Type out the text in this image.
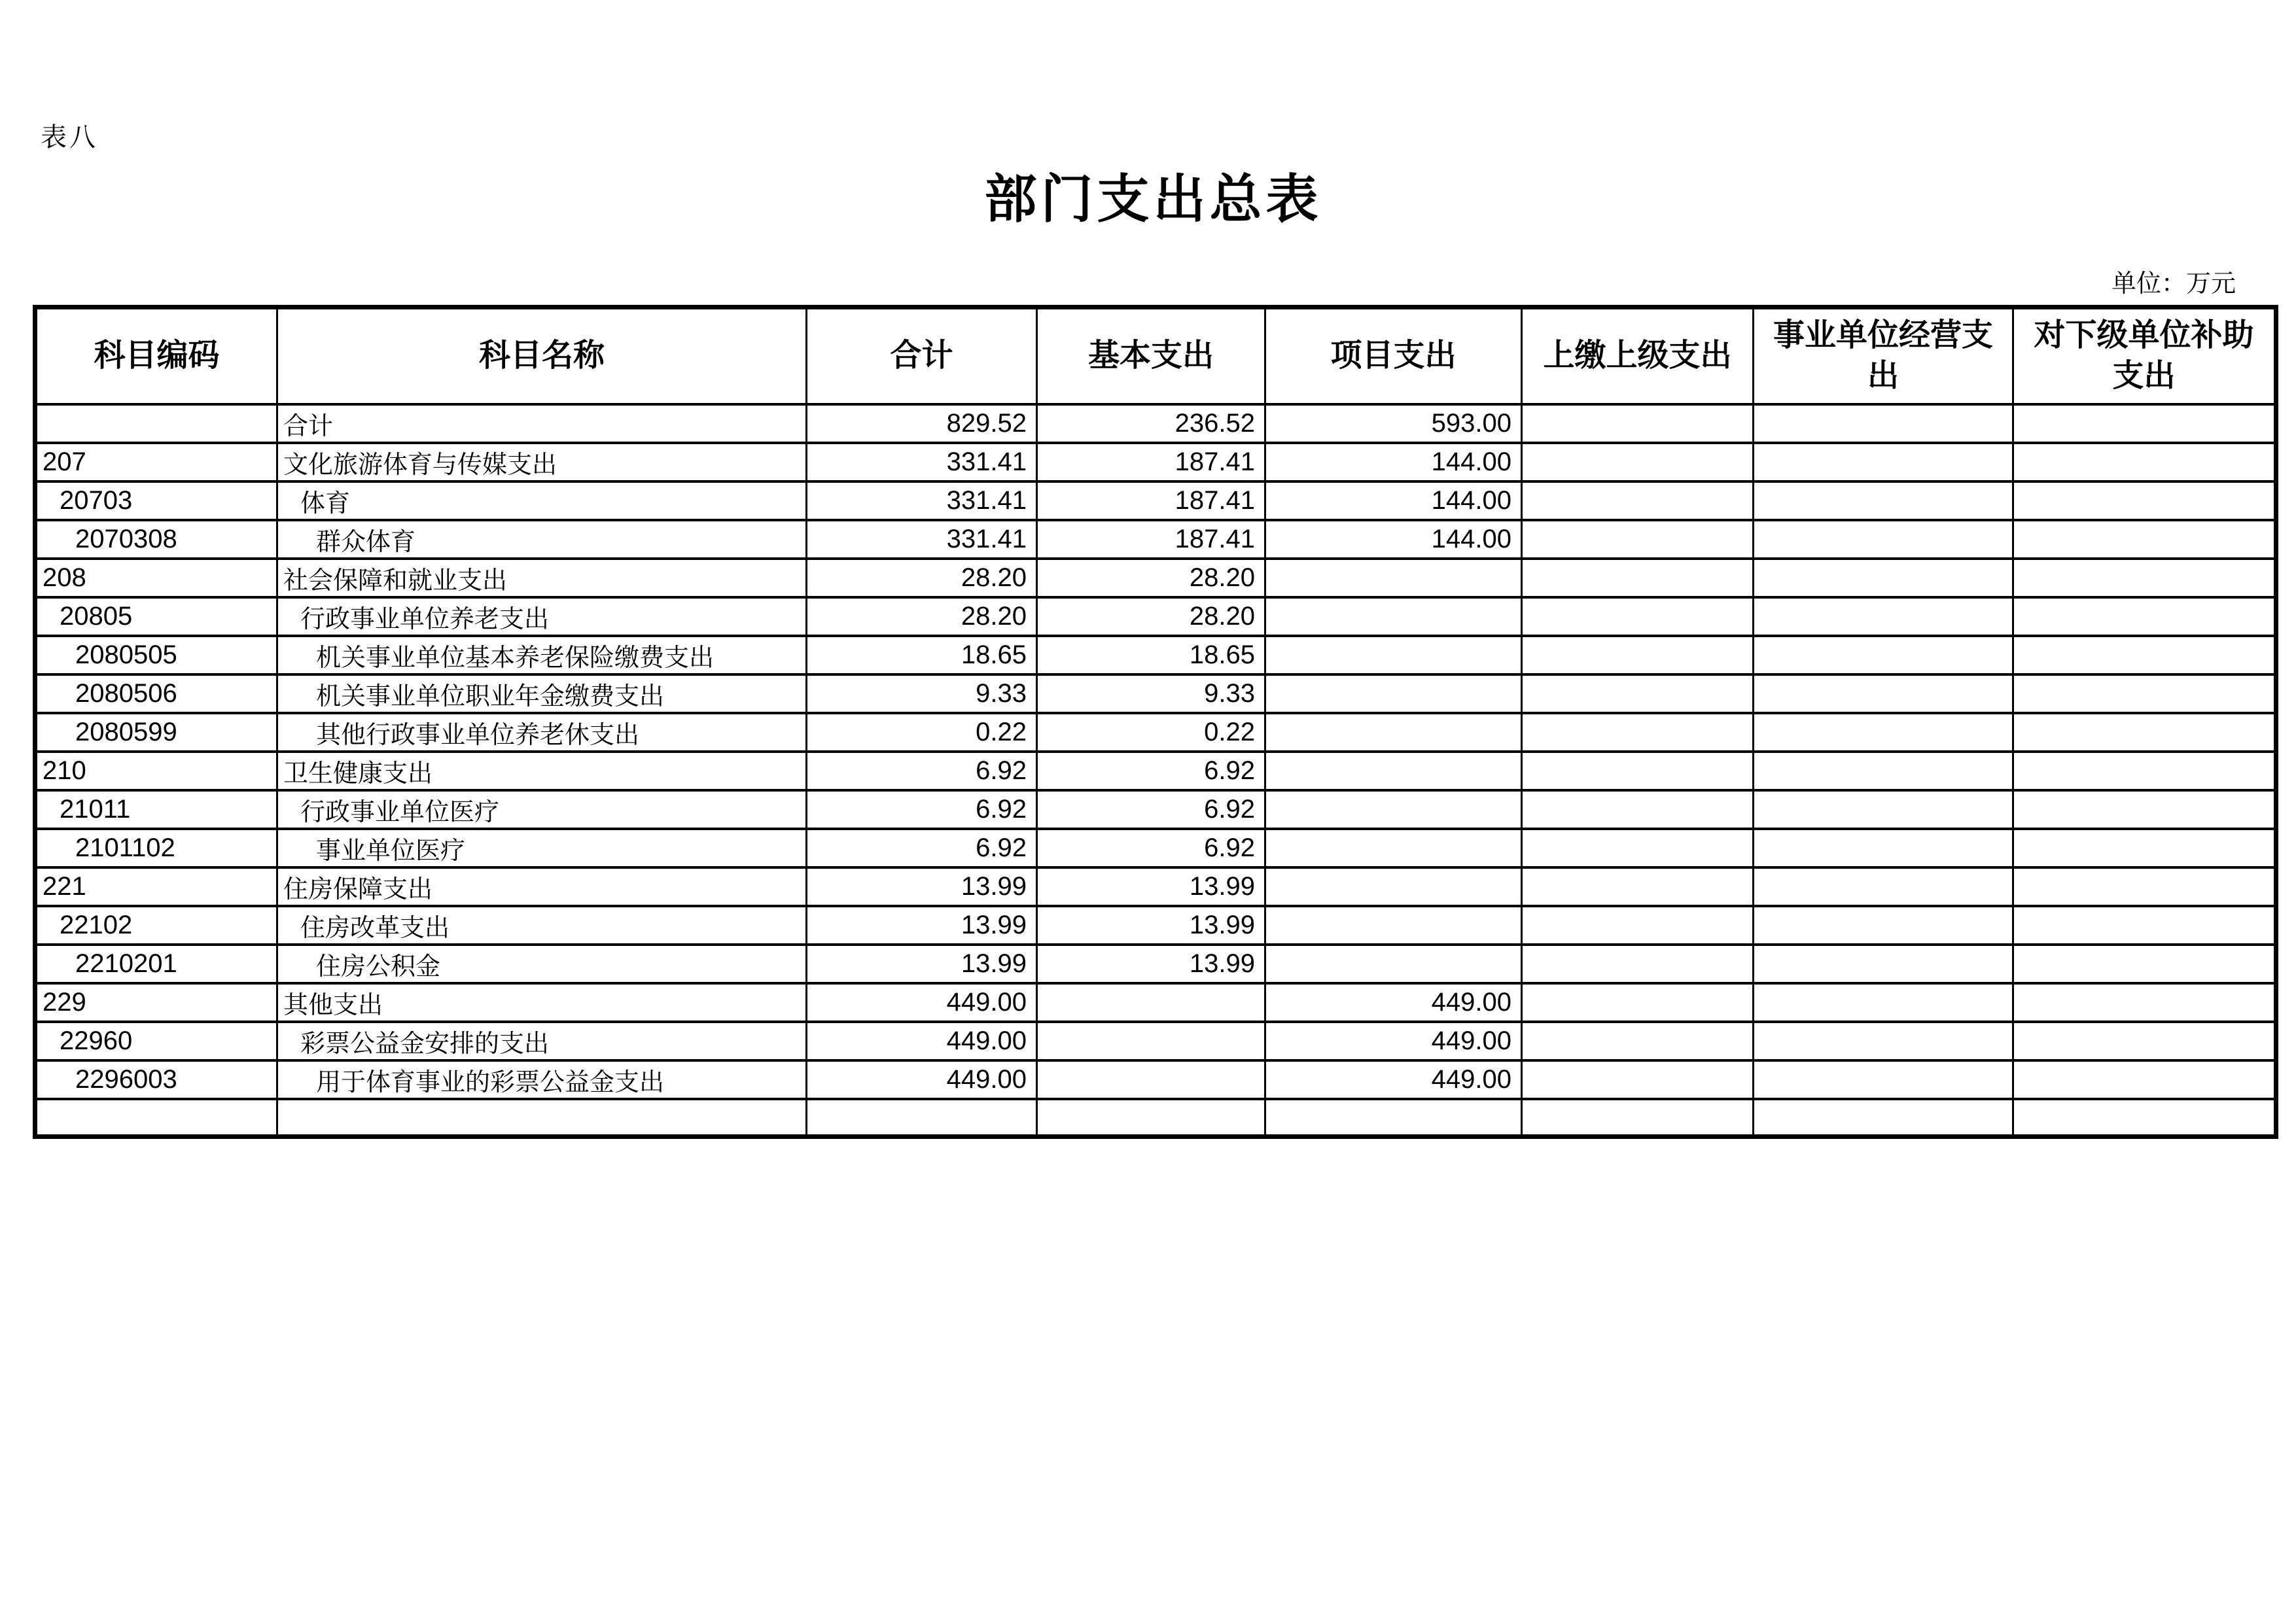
表八
部门支出总表
单位：万元
科目编码	科目名称	合计	基本支出	项目支出	上缴上级支出	事业单位经营支出	对下级单位补助支出
	合计	829.52	236.52	593.00			
207	文化旅游体育与传媒支出	331.41	187.41	144.00			
20703	体育	331.41	187.41	144.00			
2070308	群众体育	331.41	187.41	144.00			
208	社会保障和就业支出	28.20	28.20				
20805	行政事业单位养老支出	28.20	28.20				
2080505	机关事业单位基本养老保险缴费支出	18.65	18.65				
2080506	机关事业单位职业年金缴费支出	9.33	9.33				
2080599	其他行政事业单位养老休支出	0.22	0.22				
210	卫生健康支出	6.92	6.92				
21011	行政事业单位医疗	6.92	6.92				
2101102	事业单位医疗	6.92	6.92				
221	住房保障支出	13.99	13.99				
22102	住房改革支出	13.99	13.99				
2210201	住房公积金	13.99	13.99				
229	其他支出	449.00		449.00			
22960	彩票公益金安排的支出	449.00		449.00			
2296003	用于体育事业的彩票公益金支出	449.00		449.00			
